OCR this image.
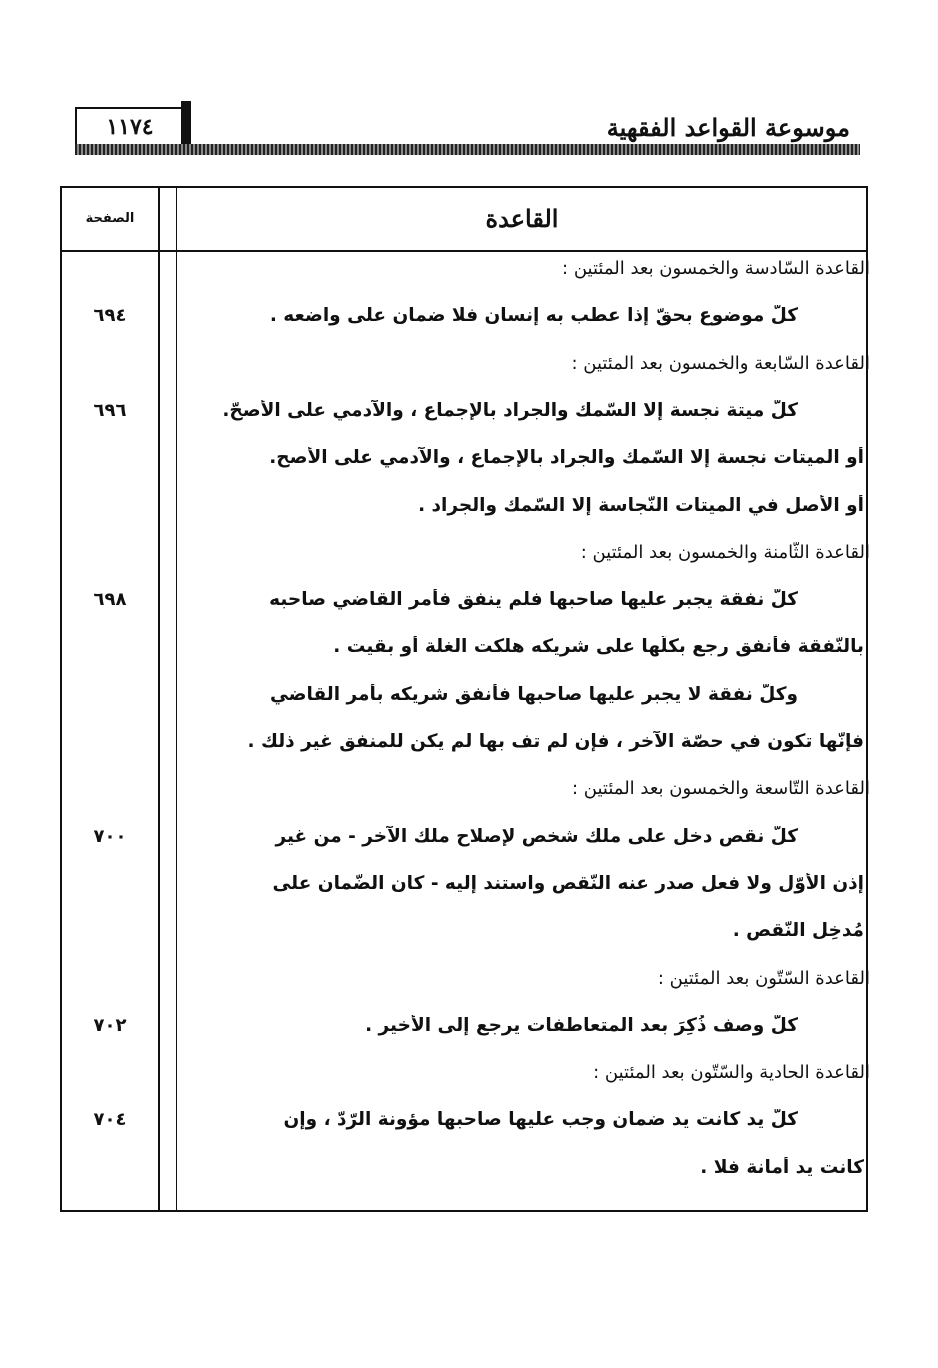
موسوعة القواعد الفقهية
١١٧٤
القاعدة
الصفحة
القاعدة السّادسة والخمسون بعد المئتين :
كلّ موضوع بحقّ إذا عطب به إنسان فلا ضمان على واضعه .
٦٩٤
القاعدة السّابعة والخمسون بعد المئتين :
كلّ ميتة نجسة إلا السّمك والجراد بالإجماع ، والآدمي على الأصحّ.
٦٩٦
أو الميتات نجسة إلا السّمك والجراد بالإجماع ، والآدمي على الأصح.
أو الأصل في الميتات النّجاسة إلا السّمك والجراد .
القاعدة الثّامنة والخمسون بعد المئتين :
كلّ نفقة يجبر عليها صاحبها فلم ينفق فأمر القاضي صاحبه
٦٩٨
بالنّفقة فأنفق رجع بكلّها على شريكه هلكت الغلة أو بقيت .
وكلّ نفقة لا يجبر عليها صاحبها فأنفق شريكه بأمر القاضي
فإنّها تكون في حصّة الآخر ، فإن لم تف بها لم يكن للمنفق غير ذلك .
القاعدة التّاسعة والخمسون بعد المئتين :
كلّ نقص دخل على ملك شخص لإصلاح ملك الآخر - من غير
٧٠٠
إذن الأوّل ولا فعل صدر عنه النّقص واستند إليه - كان الضّمان على
مُدخِل النّقص .
القاعدة السّتّون بعد المئتين :
كلّ وصف ذُكِرَ بعد المتعاطفات يرجع إلى الأخير .
٧٠٢
القاعدة الحادية والسّتّون بعد المئتين :
كلّ يد كانت يد ضمان وجب عليها صاحبها مؤونة الرّدّ ، وإن
٧٠٤
كانت يد أمانة فلا .
